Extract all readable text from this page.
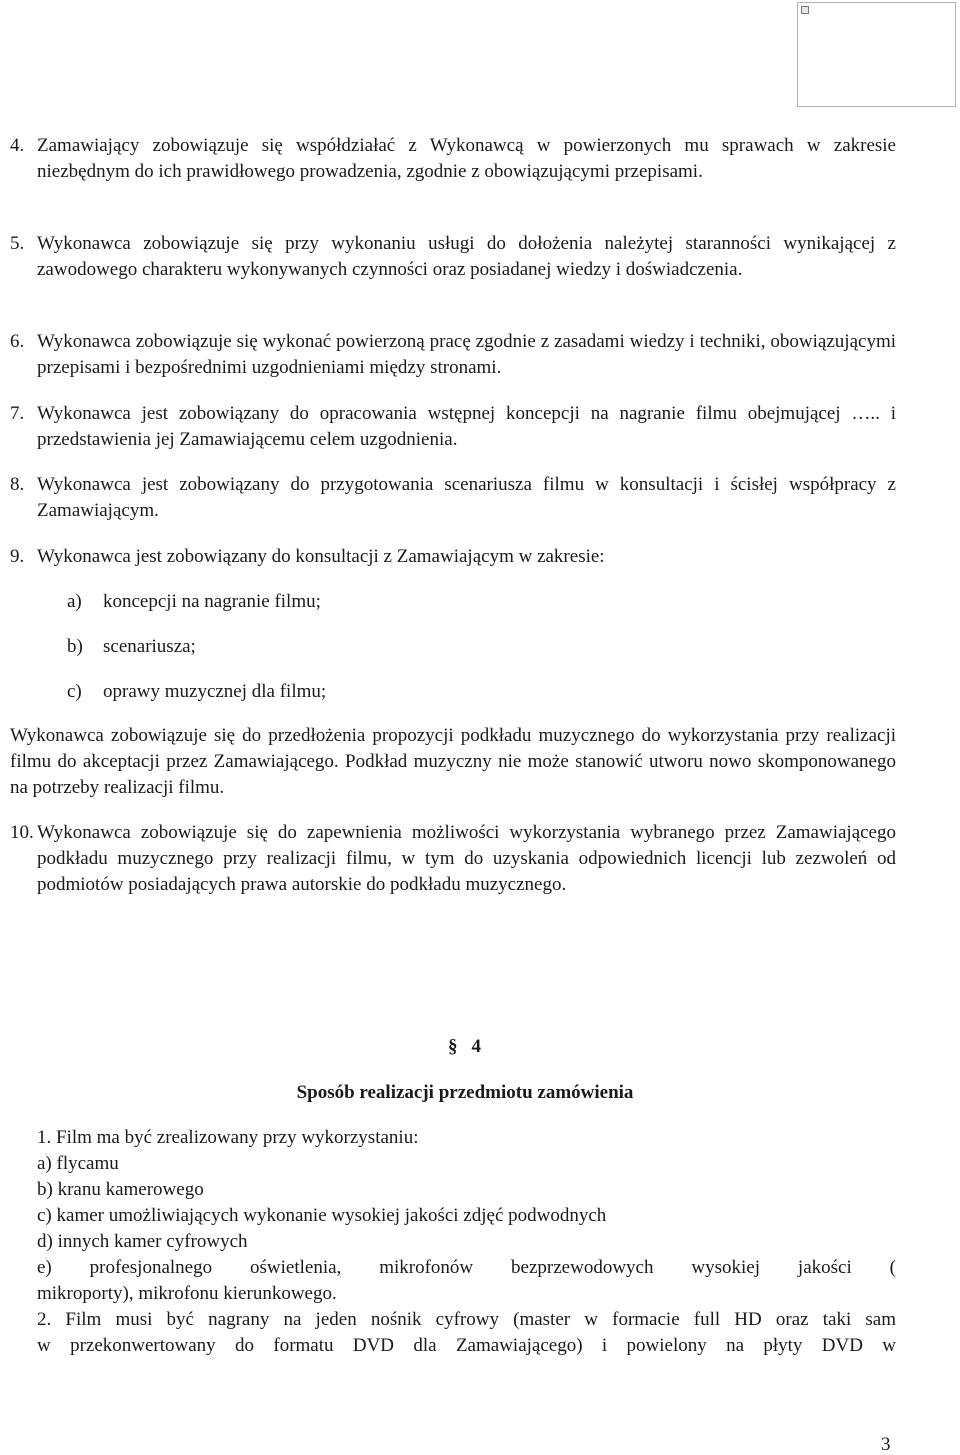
4. Zamawiający zobowiązuje się współdziałać z Wykonawcą w powierzonych mu sprawach w zakresie niezbędnym do ich prawidłowego prowadzenia, zgodnie z obowiązującymi przepisami.
5. Wykonawca zobowiązuje się przy wykonaniu usługi do dołożenia należytej staranności wynikającej z zawodowego charakteru wykonywanych czynności oraz posiadanej wiedzy i doświadczenia.
6. Wykonawca zobowiązuje się wykonać powierzoną pracę zgodnie z zasadami wiedzy i techniki, obowiązującymi przepisami i bezpośrednimi uzgodnieniami między stronami.
7. Wykonawca jest zobowiązany do opracowania wstępnej koncepcji na nagranie filmu obejmującej ….. i przedstawienia jej Zamawiającemu celem uzgodnienia.
8. Wykonawca jest zobowiązany do przygotowania scenariusza filmu w konsultacji i ścisłej współpracy z Zamawiającym.
9. Wykonawca jest zobowiązany do konsultacji z Zamawiającym w zakresie:
a) koncepcji na nagranie filmu;
b) scenariusza;
c) oprawy muzycznej dla filmu;
Wykonawca zobowiązuje się do przedłożenia propozycji podkładu muzycznego do wykorzystania przy realizacji filmu do akceptacji przez Zamawiającego. Podkład muzyczny nie może stanowić utworu nowo skomponowanego na potrzeby realizacji filmu.
10. Wykonawca zobowiązuje się do zapewnienia możliwości wykorzystania wybranego przez Zamawiającego podkładu muzycznego przy realizacji filmu, w tym do uzyskania odpowiednich licencji lub zezwoleń od podmiotów posiadających prawa autorskie do podkładu muzycznego.
§ 4
Sposób realizacji przedmiotu zamówienia
1. Film ma być zrealizowany przy wykorzystaniu:
a) flycamu
b) kranu kamerowego
c) kamer umożliwiających wykonanie wysokiej jakości zdjęć podwodnych
d) innych kamer cyfrowych
e) profesjonalnego oświetlenia, mikrofonów bezprzewodowych wysokiej jakości (
mikroporty), mikrofonu kierunkowego.
2. Film musi być nagrany na jeden nośnik cyfrowy (master w formacie full HD oraz taki sam
w przekonwertowany do formatu DVD dla Zamawiającego) i powielony na płyty DVD w
3
